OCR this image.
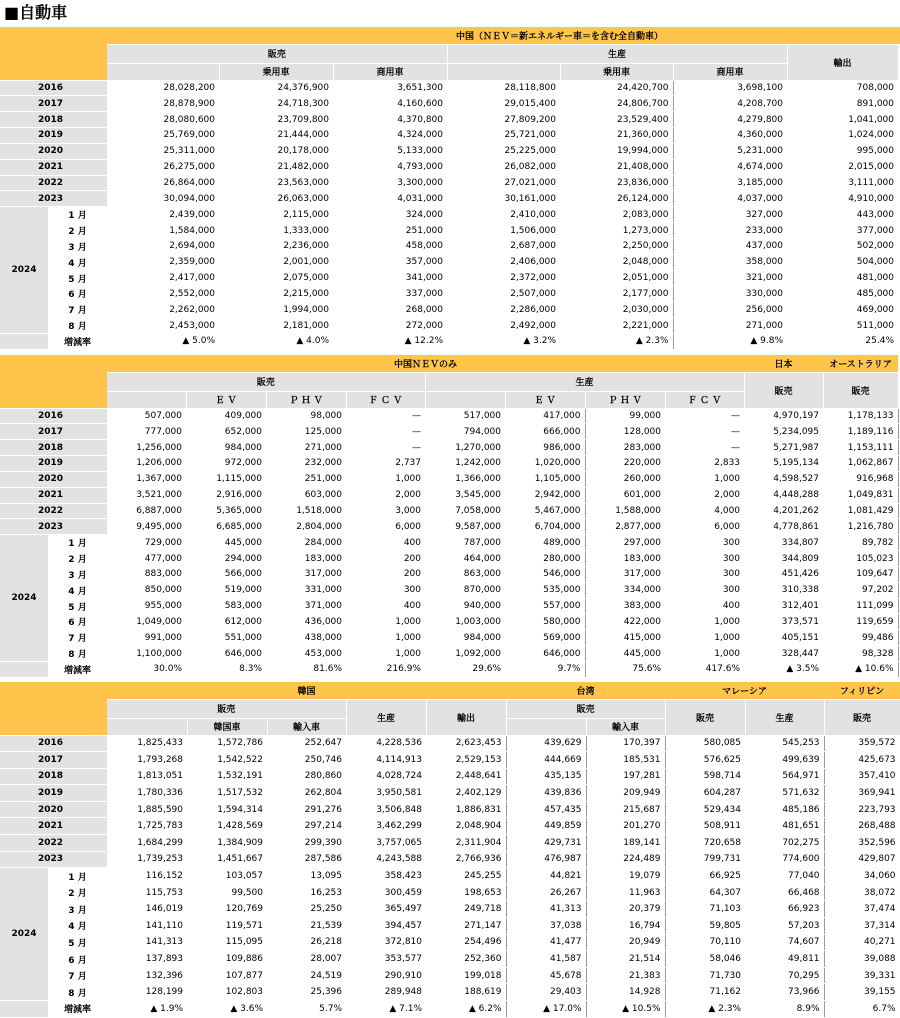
■自動車
		中国（ＮＥＶ＝新エネルギー車＝を含む全自動車）						
		販売			生産			輸出
			乗用車	商用車		乗用車	商用車	
2016		28,028,200	24,376,900	3,651,300	28,118,800	24,420,700	3,698,100	708,000
2017		28,878,900	24,718,300	4,160,600	29,015,400	24,806,700	4,208,700	891,000
2018		28,080,600	23,709,800	4,370,800	27,809,200	23,529,400	4,279,800	1,041,000
2019		25,769,000	21,444,000	4,324,000	25,721,000	21,360,000	4,360,000	1,024,000
2020		25,311,000	20,178,000	5,133,000	25,225,000	19,994,000	5,231,000	995,000
2021		26,275,000	21,482,000	4,793,000	26,082,000	21,408,000	4,674,000	2,015,000
2022		26,864,000	23,563,000	3,300,000	27,021,000	23,836,000	3,185,000	3,111,000
2023		30,094,000	26,063,000	4,031,000	30,161,000	26,124,000	4,037,000	4,910,000
2024	1 月	2,439,000	2,115,000	324,000	2,410,000	2,083,000	327,000	443,000
	2 月	1,584,000	1,333,000	251,000	1,506,000	1,273,000	233,000	377,000
	3 月	2,694,000	2,236,000	458,000	2,687,000	2,250,000	437,000	502,000
	4 月	2,359,000	2,001,000	357,000	2,406,000	2,048,000	358,000	504,000
	5 月	2,417,000	2,075,000	341,000	2,372,000	2,051,000	321,000	481,000
	6 月	2,552,000	2,215,000	337,000	2,507,000	2,177,000	330,000	485,000
	7 月	2,262,000	1,994,000	268,000	2,286,000	2,030,000	256,000	469,000
	8 月	2,453,000	2,181,000	272,000	2,492,000	2,221,000	271,000	511,000
	増減率	▲ 5.0%	▲ 4.0%	▲ 12.2%	▲ 3.2%	▲ 2.3%	▲ 9.8%	25.4%
		中国ＮＥＶのみ								日本	オーストラリア
		販売				生産				販売	販売
			Ｅ Ｖ	Ｐ Ｈ Ｖ	Ｆ Ｃ Ｖ		Ｅ Ｖ	Ｐ Ｈ Ｖ	Ｆ Ｃ Ｖ		
2016		507,000	409,000	98,000	—	517,000	417,000	99,000	—	4,970,197	1,178,133
2017		777,000	652,000	125,000	—	794,000	666,000	128,000	—	5,234,095	1,189,116
2018		1,256,000	984,000	271,000	—	1,270,000	986,000	283,000	—	5,271,987	1,153,111
2019		1,206,000	972,000	232,000	2,737	1,242,000	1,020,000	220,000	2,833	5,195,134	1,062,867
2020		1,367,000	1,115,000	251,000	1,000	1,366,000	1,105,000	260,000	1,000	4,598,527	916,968
2021		3,521,000	2,916,000	603,000	2,000	3,545,000	2,942,000	601,000	2,000	4,448,288	1,049,831
2022		6,887,000	5,365,000	1,518,000	3,000	7,058,000	5,467,000	1,588,000	4,000	4,201,262	1,081,429
2023		9,495,000	6,685,000	2,804,000	6,000	9,587,000	6,704,000	2,877,000	6,000	4,778,861	1,216,780
2024	1 月	729,000	445,000	284,000	400	787,000	489,000	297,000	300	334,807	89,782
	2 月	477,000	294,000	183,000	200	464,000	280,000	183,000	300	344,809	105,023
	3 月	883,000	566,000	317,000	200	863,000	546,000	317,000	300	451,426	109,647
	4 月	850,000	519,000	331,000	300	870,000	535,000	334,000	300	310,338	97,202
	5 月	955,000	583,000	371,000	400	940,000	557,000	383,000	400	312,401	111,099
	6 月	1,049,000	612,000	436,000	1,000	1,003,000	580,000	422,000	1,000	373,571	119,659
	7 月	991,000	551,000	438,000	1,000	984,000	569,000	415,000	1,000	405,151	99,486
	8 月	1,100,000	646,000	453,000	1,000	1,092,000	646,000	445,000	1,000	328,447	98,328
	増減率	30.0%	8.3%	81.6%	216.9%	29.6%	9.7%	75.6%	417.6%	▲ 3.5%	▲ 10.6%
		韓国					台湾		マレーシア		フィリピン
		販売			生産	輸出	販売		販売	生産	販売
			韓国車	輸入車				輸入車			
2016		1,825,433	1,572,786	252,647	4,228,536	2,623,453	439,629	170,397	580,085	545,253	359,572
2017		1,793,268	1,542,522	250,746	4,114,913	2,529,153	444,669	185,531	576,625	499,639	425,673
2018		1,813,051	1,532,191	280,860	4,028,724	2,448,641	435,135	197,281	598,714	564,971	357,410
2019		1,780,336	1,517,532	262,804	3,950,581	2,402,129	439,836	209,949	604,287	571,632	369,941
2020		1,885,590	1,594,314	291,276	3,506,848	1,886,831	457,435	215,687	529,434	485,186	223,793
2021		1,725,783	1,428,569	297,214	3,462,299	2,048,904	449,859	201,270	508,911	481,651	268,488
2022		1,684,299	1,384,909	299,390	3,757,065	2,311,904	429,731	189,141	720,658	702,275	352,596
2023		1,739,253	1,451,667	287,586	4,243,588	2,766,936	476,987	224,489	799,731	774,600	429,807
2024	1 月	116,152	103,057	13,095	358,423	245,255	44,821	19,079	66,925	77,040	34,060
	2 月	115,753	99,500	16,253	300,459	198,653	26,267	11,963	64,307	66,468	38,072
	3 月	146,019	120,769	25,250	365,497	249,718	41,313	20,379	71,103	66,923	37,474
	4 月	141,110	119,571	21,539	394,457	271,147	37,038	16,794	59,805	57,203	37,314
	5 月	141,313	115,095	26,218	372,810	254,496	41,477	20,949	70,110	74,607	40,271
	6 月	137,893	109,886	28,007	353,577	252,360	41,587	21,514	58,046	49,811	39,088
	7 月	132,396	107,877	24,519	290,910	199,018	45,678	21,383	71,730	70,295	39,331
	8 月	128,199	102,803	25,396	289,948	188,619	29,403	14,928	71,162	73,966	39,155
	増減率	▲ 1.9%	▲ 3.6%	5.7%	▲ 7.1%	▲ 6.2%	▲ 17.0%	▲ 10.5%	▲ 2.3%	8.9%	6.7%
